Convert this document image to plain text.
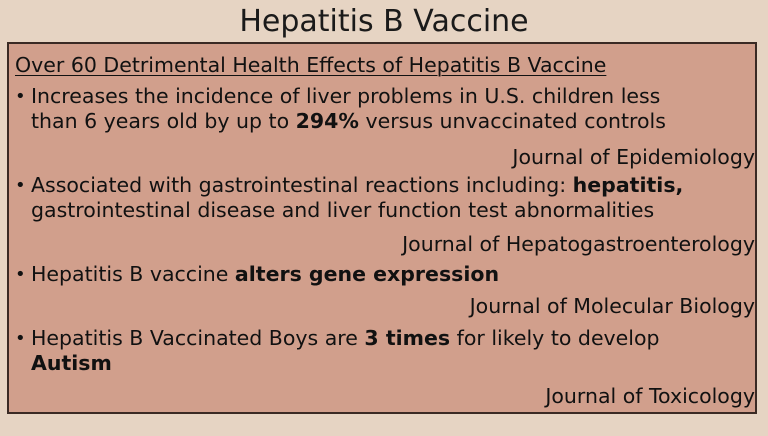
Hepatitis B Vaccine
Over 60 Detrimental Health Effects of Hepatitis B Vaccine
• Increases the incidence of liver problems in U.S. children less
than 6 years old by up to 294% versus unvaccinated controls
Journal of Epidemiology
• Associated with gastrointestinal reactions including: hepatitis,
gastrointestinal disease and liver function test abnormalities
Journal of Hepatogastroenterology
• Hepatitis B vaccine alters gene expression
Journal of Molecular Biology
• Hepatitis B Vaccinated Boys are 3 times for likely to develop
Autism
Journal of Toxicology
